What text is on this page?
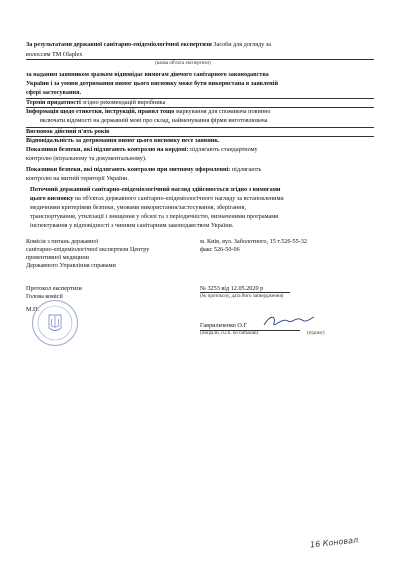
За результатами державної санітарно-епідеміологічної експертизи Засоби для догляду за
волоссям ТМ Olaplex
(назва об'єкта експертизи)
за наданим заявником зразком відповідає вимогам діючого санітарного законодавства
України і за умови дотримання вимог цього висновку може бути використана в заявленій
сфері застосування.
Термін придатності згідно рекомендацій виробника
Інформація щодо етикетки, інструкцій, правил тощо маркування для споживача повинно
включати відомості на державній мові про склад, найменування фірми виготовлювача
Висновок дійсний п'ять років
Відповідальність за дотримання вимог цього висновку несе заявник.
Показники безпеки, які підлягають контролю на кордоні: підлягають стандартному
контролю (візуальному та документальному).
Показники безпеки, які підлягають контролю при митному оформленні: підлягають
контролю на митній території України.
Поточний державний санітарно-епідеміологічний нагляд здійснюється згідно з вимогами
цього висновку на об'єктах державного санітарно-епідеміологічного нагляду за встановленими
медичними критеріями безпеки, умовами використання/застосування, зберігання,
транспортування, утилізації і знищення у обсязі та з періодичністю, визначеними програмами
інспектування у відповідності з чинним санітарним законодавством України.
Комісія з питань державної
санітарно-епідеміологічної експертизи Центру
превентивної медицини
Державного Управління справами
м. Київ, вул. Заболотного, 15 т.526-55-32
факс 526-50-06
Протокол експертизи
Голова комісії
М.П.
№ 3253 від 12.05.2020 р
(№ протоколу, дата його затвердження)
Гаврильченко О.Г
(ініціали, п.і.б. по батькові)	(підпис)
16 Коновал
